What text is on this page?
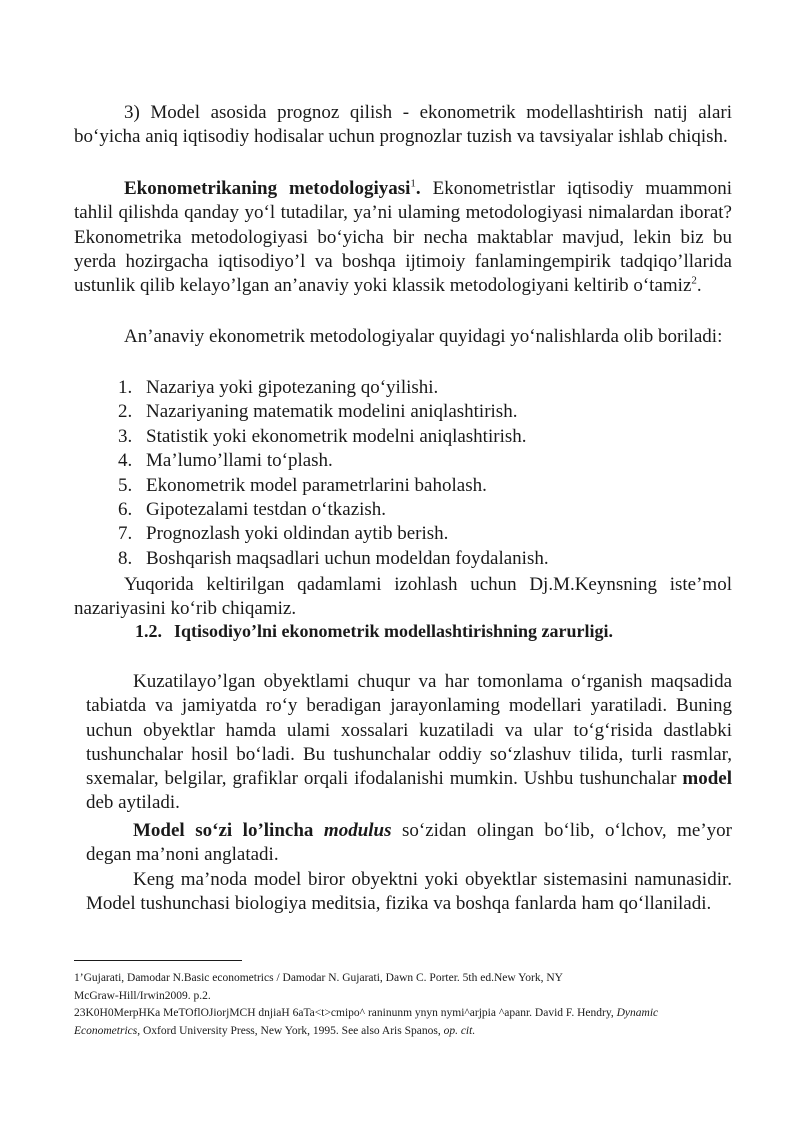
3) Model asosida prognoz qilish - ekonometrik modellashtirish natij alari bo‘yicha aniq iqtisodiy hodisalar uchun prognozlar tuzish va tavsiyalar ishlab chiqish.

Ekonometrikaning metodologiyasi$^1$. Ekonometristlar iqtisodiy muammoni tahlil qilishda qanday yo‘l tutadilar, ya’ni ulaming metodologiyasi nimalardan iborat? Ekonometrika metodologiyasi bo‘yicha bir necha maktablar mavjud, lekin biz bu yerda hozirgacha iqtisodiyo’l va boshqa ijtimoiy fanlamingempirik tadqiqo’llarida ustunlik qilib kelayo’lgan an’anaviy yoki klassik metodologiyani keltirib o‘tamiz$^2$.

An’anaviy ekonometrik metodologiyalar quyidagi yo‘nalishlarda olib boriladi:

1. Nazariya yoki gipotezaning qo‘yilishi.
2. Nazariyaning matematik modelini aniqlashtirish.
3. Statistik yoki ekonometrik modelni aniqlashtirish.
4. Ma’lumo’llami to‘plash.
5. Ekonometrik model parametrlarini baholash.
6. Gipotezalami testdan o‘tkazish.
7. Prognozlash yoki oldindan aytib berish.
8. Boshqarish maqsadlari uchun modeldan foydalanish.

Yuqorida keltirilgan qadamlami izohlash uchun Dj.M.Keynsning iste’mol nazariyasini ko‘rib chiqamiz.

1.2. Iqtisodiyo’lni ekonometrik modellashtirishning zarurligi.

Kuzatilayo’lgan obyektlami chuqur va har tomonlama o‘rganish maqsadida tabiatda va jamiyatda ro‘y beradigan jarayonlaming modellari yaratiladi. Buning uchun obyektlar hamda ulami xossalari kuzatiladi va ular to‘g‘risida dastlabki tushunchalar hosil bo‘ladi. Bu tushunchalar oddiy so‘zlashuv tilida, turli rasmlar, sxemalar, belgilar, grafiklar orqali ifodalanishi mumkin. Ushbu tushunchalar model deb aytiladi.

Model so‘zi lo’lincha modulus so‘zidan olingan bo‘lib, o‘lchov, me’yor degan ma’noni anglatadi.

Keng ma’noda model biror obyektni yoki obyektlar sistemasini namunasidir. Model tushunchasi biologiya meditsia, fizika va boshqa fanlarda ham qo‘llaniladi.

1’Gujarati, Damodar N.Basic econometrics / Damodar N. Gujarati, Dawn C. Porter. 5th ed.New York, NY
McGraw-Hill/Irwin2009. p.2.
23K0H0MerpHKa MeTOflOJiorjMCH dnjiaH 6aTa<t>cmipo^ raninunm ynyn nymi^arjpia ^apanr. David F. Hendry, Dynamic
Econometrics, Oxford University Press, New York, 1995. See also Aris Spanos, op. cit.
